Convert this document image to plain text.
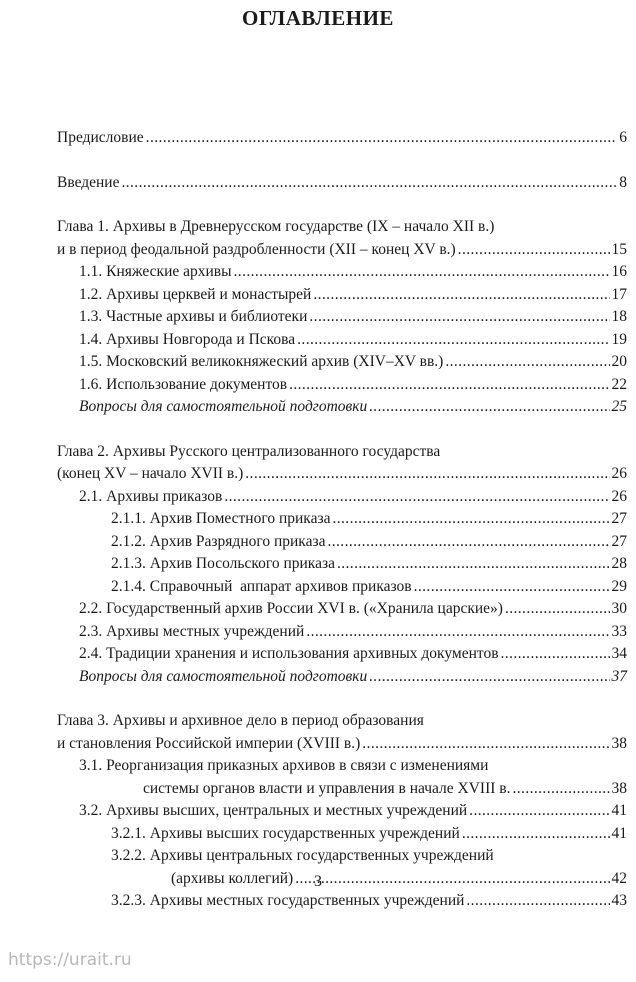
ОГЛАВЛЕНИЕ
Предисловие .....	6
Введение .....	8
Глава 1. Архивы в Древнерусском государстве (IX – начало XII в.)
и в период феодальной раздробленности (XII – конец XV в.) .....	15
1.1. Княжеские архивы .....	16
1.2. Архивы церквей и монастырей .....	17
1.3. Частные архивы и библиотеки .....	18
1.4. Архивы Новгорода и Пскова .....	19
1.5. Московский великокняжеский архив (XIV–XV вв.) .....	20
1.6. Использование документов .....	22
Вопросы для самостоятельной подготовки .....	25
Глава 2. Архивы Русского централизованного государства
(конец XV – начало XVII в.) .....	26
2.1. Архивы приказов .....	26
2.1.1. Архив Поместного приказа .....	27
2.1.2. Архив Разрядного приказа .....	27
2.1.3. Архив Посольского приказа .....	28
2.1.4. Справочный  аппарат архивов приказов .....	29
2.2. Государственный архив России XVI в. («Хранила царские») .....	30
2.3. Архивы местных учреждений .....	33
2.4. Традиции хранения и использования архивных документов .....	34
Вопросы для самостоятельной подготовки .....	37
Глава 3. Архивы и архивное дело в период образования
и становления Российской империи (XVIII в.) .....	38
3.1. Реорганизация приказных архивов в связи с изменениями
системы органов власти и управления в начале XVIII в. .....	38
3.2. Архивы высших, центральных и местных учреждений .....	41
3.2.1. Архивы высших государственных учреждений .....	41
3.2.2. Архивы центральных государственных учреждений
(архивы коллегий) .....	42
3.2.3. Архивы местных государственных учреждений .....	43
3
https://urait.ru
